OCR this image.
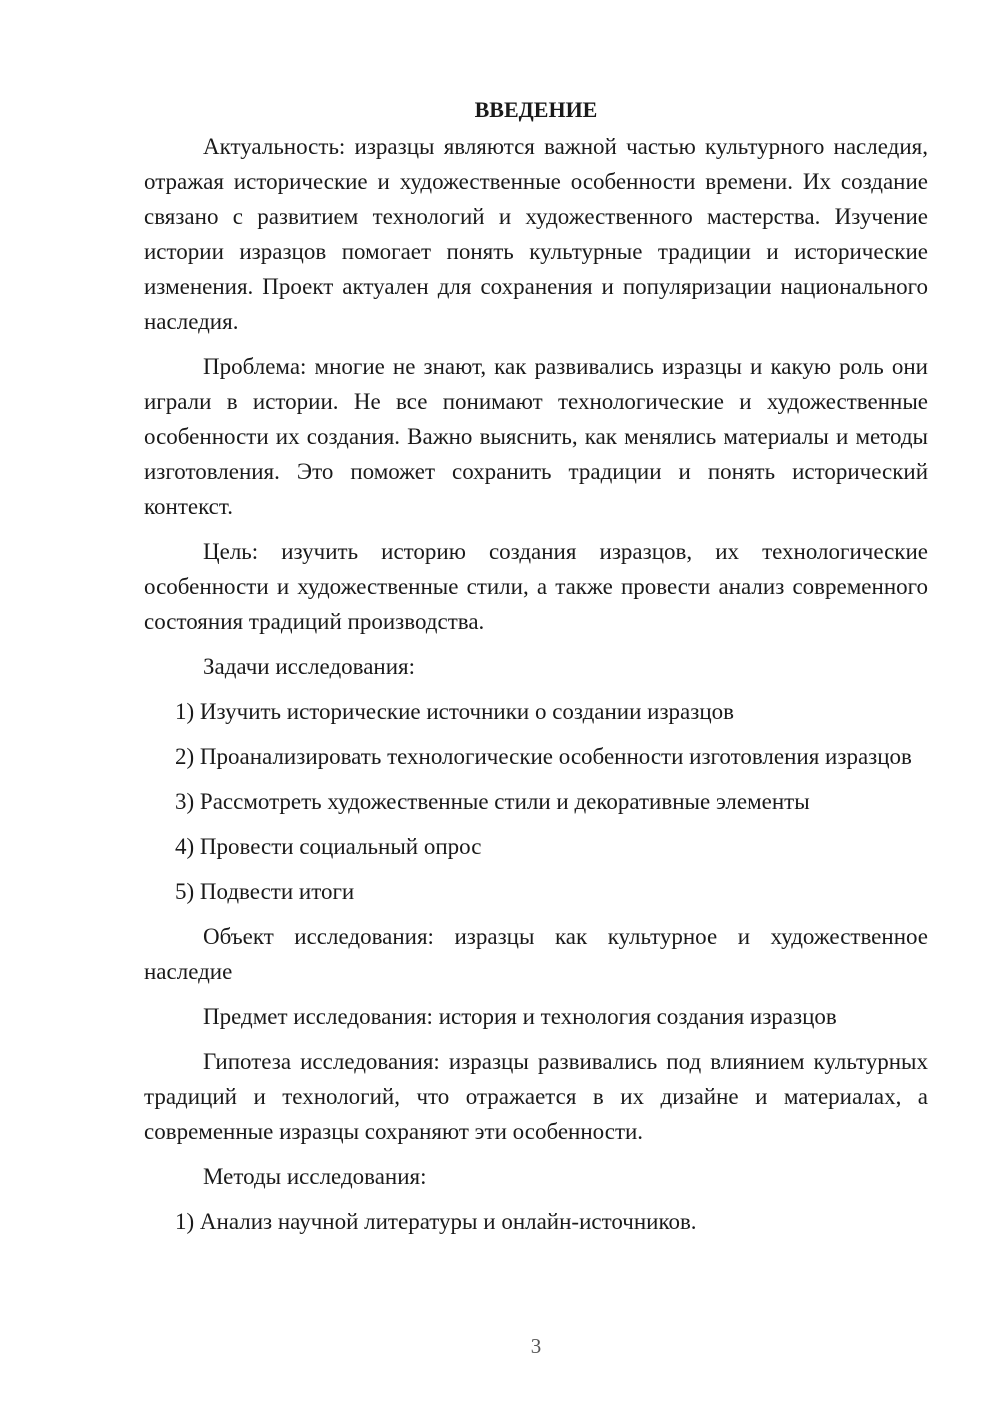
ВВЕДЕНИЕ

Актуальность: изразцы являются важной частью культурного наследия, отражая исторические и художественные особенности времени. Их создание связано с развитием технологий и художественного мастерства. Изучение истории изразцов помогает понять культурные традиции и исторические изменения. Проект актуален для сохранения и популяризации национального наследия.

Проблема: многие не знают, как развивались изразцы и какую роль они играли в истории. Не все понимают технологические и художественные особенности их создания. Важно выяснить, как менялись материалы и методы изготовления. Это поможет сохранить традиции и понять исторический контекст.

Цель: изучить историю создания изразцов, их технологические особенности и художественные стили, а также провести анализ современного состояния традиций производства.

Задачи исследования:

1) Изучить исторические источники о создании изразцов

2) Проанализировать технологические особенности изготовления изразцов

3) Рассмотреть художественные стили и декоративные элементы

4) Провести социальный опрос

5) Подвести итоги

Объект исследования: изразцы как культурное и художественное наследие

Предмет исследования: история и технология создания изразцов

Гипотеза исследования: изразцы развивались под влиянием культурных традиций и технологий, что отражается в их дизайне и материалах, а современные изразцы сохраняют эти особенности.

Методы исследования:

1) Анализ научной литературы и онлайн-источников.

3
